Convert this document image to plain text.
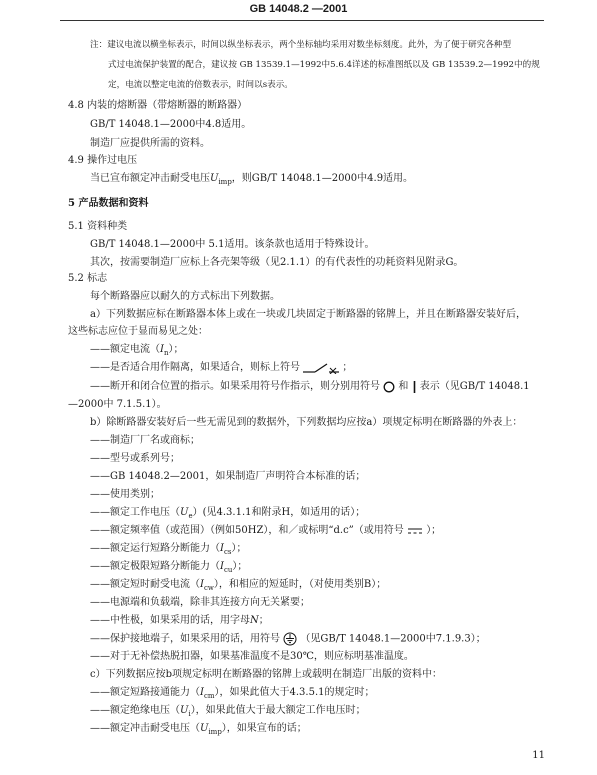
GB 14048.2 —2001
注：建议电流以横坐标表示，时间以纵坐标表示，两个坐标轴均采用对数坐标刻度。此外，为了便于研究各种型
式过电流保护装置的配合，建议按 GB 13539.1—1992中5.6.4详述的标准图纸以及 GB 13539.2—1992中的规
定，电流以整定电流的倍数表示，时间以s表示。
4.8 内装的熔断器（带熔断器的断路器）
GB/T 14048.1—2000中4.8适用。
制造厂应提供所需的资料。
4.9 操作过电压
当已宣布额定冲击耐受电压$U_{imp}$，则GB/T 14048.1—2000中4.9适用。
5 产品数据和资料
5.1 资料种类
GB/T 14048.1—2000中 5.1适用。该条款也适用于特殊设计。
其次，按需要制造厂应标上各壳架等级（见2.1.1）的有代表性的功耗资料见附录G。
5.2 标志
每个断路器应以耐久的方式标出下列数据。
a）下列数据应标在断路器本体上或在一块或几块固定于断路器的铭牌上，并且在断路器安装好后，
这些标志应位于显而易见之处：
——额定电流$(I_n)$；
——是否适合用作隔离，如果适合，则标上符号	；
——断开和闭合位置的指示。如果采用符号作指示，则分别用符号 和 表示（见GB/T 14048.1
—2000中 7.1.5.1）。
b）除断路器安装好后一些无需见到的数据外，下列数据均应按a）项规定标明在断路器的外表上：
——制造厂厂名或商标；
——型号或系列号；
——GB 14048.2—2001，如果制造厂声明符合本标准的话；
——使用类别；
——额定工作电压$(U_e)$(见4.3.1.1和附录H，如适用的话）；
——额定频率值（或范围）（例如50HZ），和／或标明“d.c”（或用符号 ）；
——额定运行短路分断能力$(I_{cs})$；
——额定极限短路分断能力$(I_{cu})$；
——额定短时耐受电流$(I_{cw})$，和相应的短延时，（对使用类别B）；
——电源端和负载端，除非其连接方向无关紧要；
——中性极，如果采用的话，用字母N；
——保护接地端子，如果采用的话，用符号 （见GB/T 14048.1—2000中7.1.9.3）；
——对于无补偿热脱扣器，如果基准温度不是30℃，则应标明基准温度。
c）下列数据应按b项规定标明在断路器的铭牌上或载明在制造厂出版的资料中：
——额定短路接通能力$(I_{cm})$，如果此值大于4.3.5.1的规定时；
——额定绝缘电压$(U_i)$，如果此值大于最大额定工作电压时；
——额定冲击耐受电压$(U_{imp})$，如果宣布的话；
11
